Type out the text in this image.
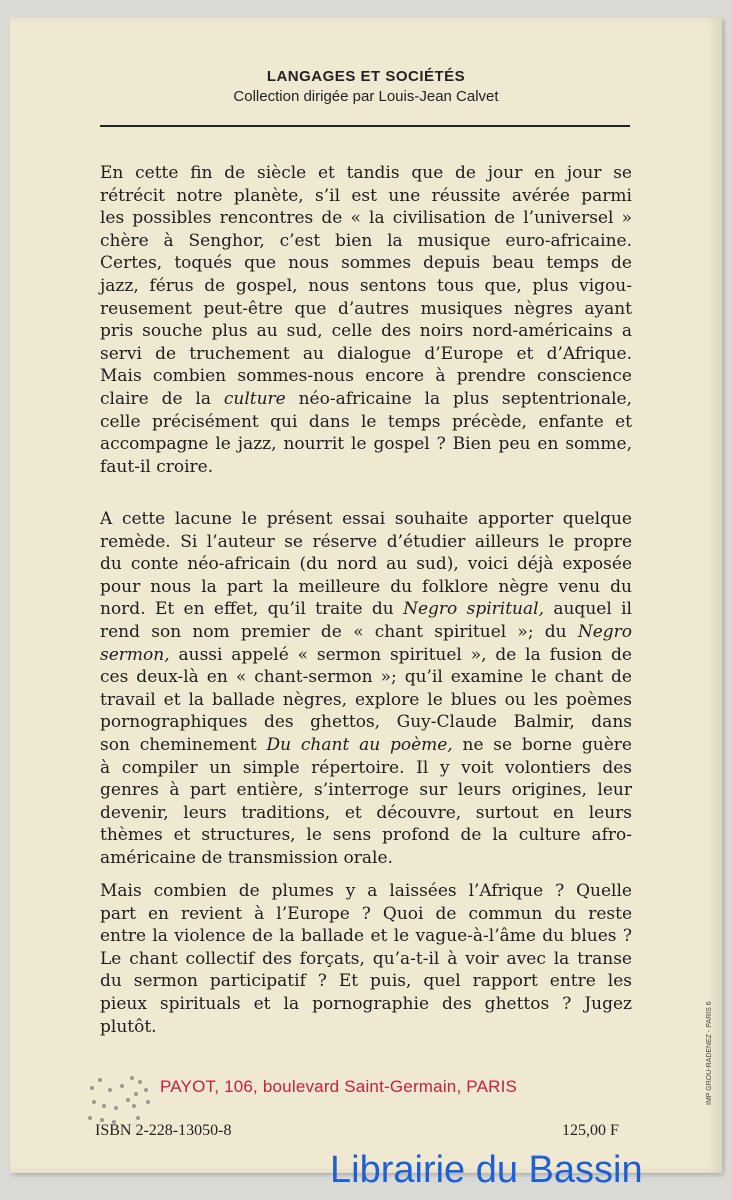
LANGAGES ET SOCIÉTÉS
Collection dirigée par Louis-Jean Calvet
En cette fin de siècle et tandis que de jour en jour se
rétrécit notre planète, s’il est une réussite avérée parmi
les possibles rencontres de « la civilisation de l’universel »
chère à Senghor, c’est bien la musique euro-africaine.
Certes, toqués que nous sommes depuis beau temps de
jazz, férus de gospel, nous sentons tous que, plus vigou-
reusement peut-être que d’autres musiques nègres ayant
pris souche plus au sud, celle des noirs nord-américains a
servi de truchement au dialogue d’Europe et d’Afrique.
Mais combien sommes-nous encore à prendre conscience
claire de la culture néo-africaine la plus septentrionale,
celle précisément qui dans le temps précède, enfante et
accompagne le jazz, nourrit le gospel ? Bien peu en somme,
faut-il croire.
A cette lacune le présent essai souhaite apporter quelque
remède. Si l’auteur se réserve d’étudier ailleurs le propre
du conte néo-africain (du nord au sud), voici déjà exposée
pour nous la part la meilleure du folklore nègre venu du
nord. Et en effet, qu’il traite du Negro spiritual, auquel il
rend son nom premier de « chant spirituel »; du Negro
sermon, aussi appelé « sermon spirituel », de la fusion de
ces deux-là en « chant-sermon »; qu’il examine le chant de
travail et la ballade nègres, explore le blues ou les poèmes
pornographiques des ghettos, Guy-Claude Balmir, dans
son cheminement Du chant au poème, ne se borne guère
à compiler un simple répertoire. Il y voit volontiers des
genres à part entière, s’interroge sur leurs origines, leur
devenir, leurs traditions, et découvre, surtout en leurs
thèmes et structures, le sens profond de la culture afro-
américaine de transmission orale.
Mais combien de plumes y a laissées l’Afrique ? Quelle
part en revient à l’Europe ? Quoi de commun du reste
entre la violence de la ballade et le vague-à-l’âme du blues ?
Le chant collectif des forçats, qu’a-t-il à voir avec la transe
du sermon participatif ? Et puis, quel rapport entre les
pieux spirituals et la pornographie des ghettos ? Jugez
plutôt.
PAYOT, 106, boulevard Saint-Germain, PARIS
ISBN 2-228-13050-8	125,00 F
IMP GROU-RADENEZ - PARIS 6
Librairie du Bassin
